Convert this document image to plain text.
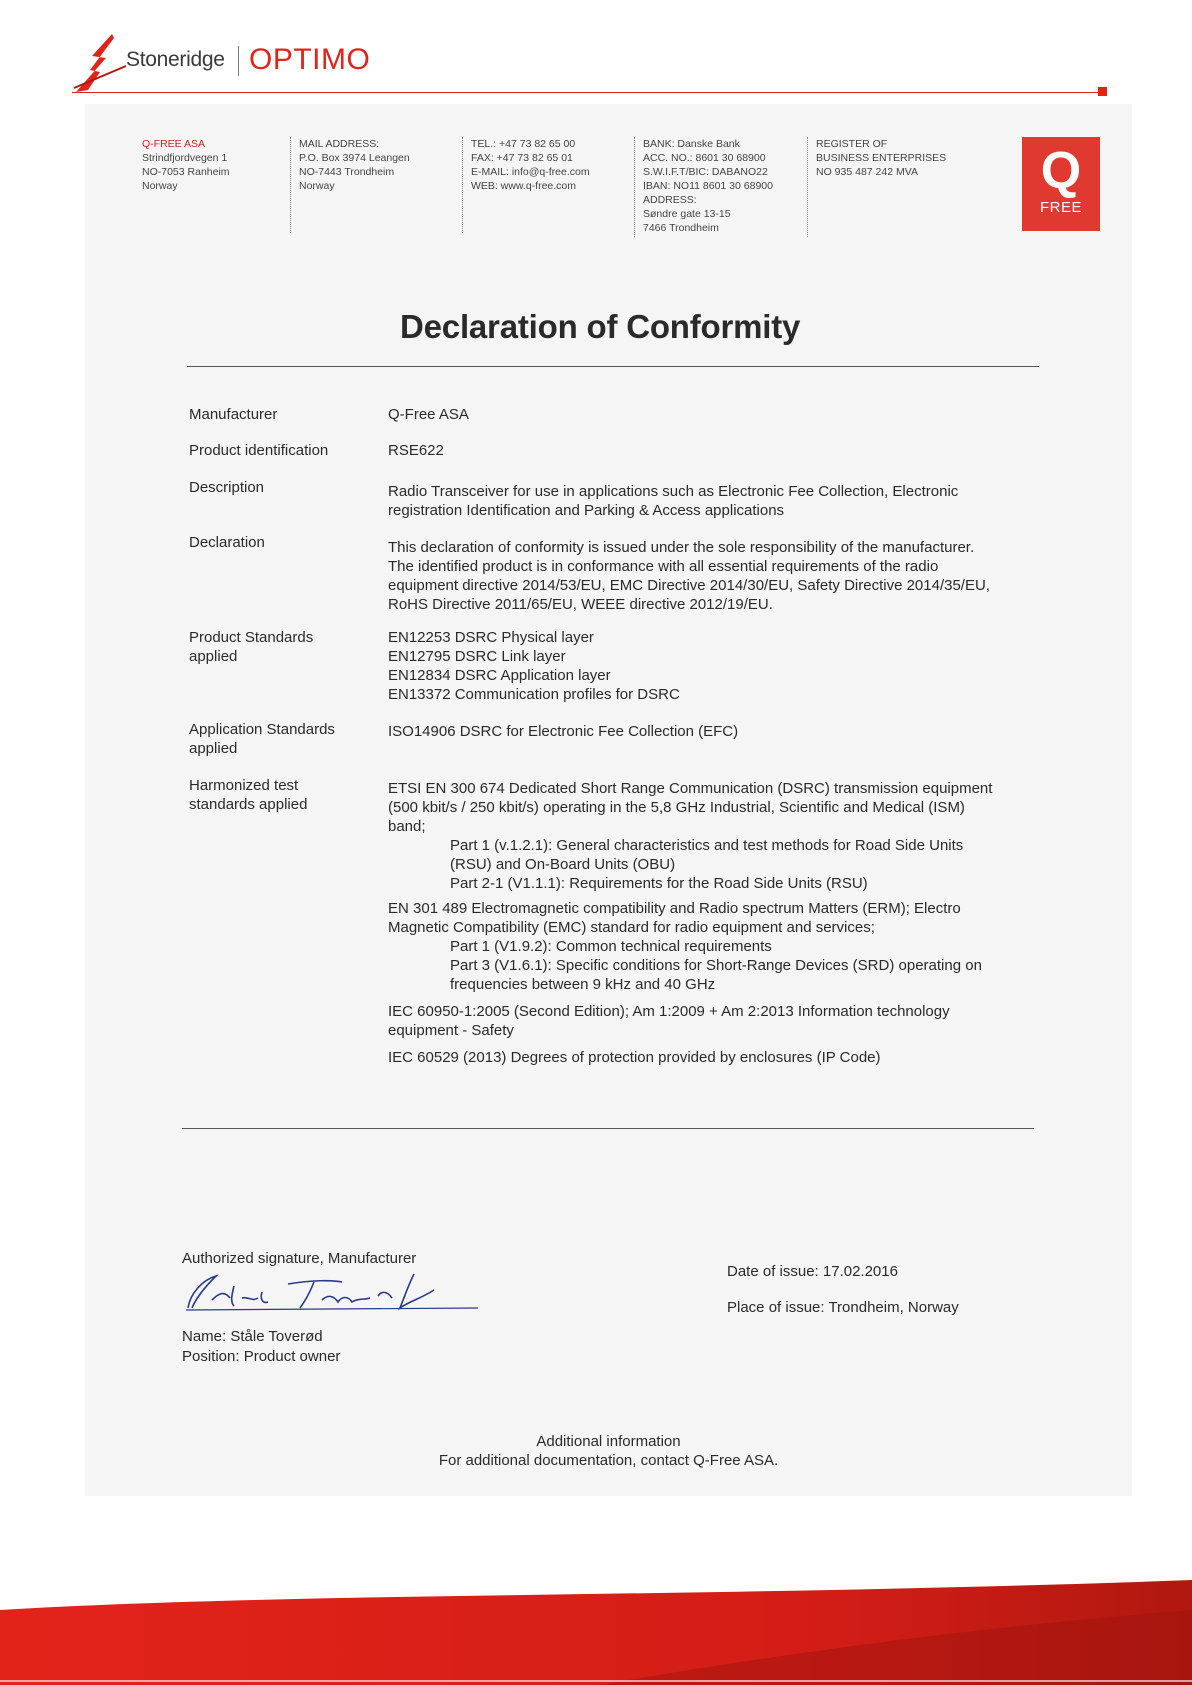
Stoneridge OPTIMO
Q-FREE ASA
Strindfjordvegen 1
NO-7053 Ranheim
Norway
MAIL ADDRESS:
P.O. Box 3974 Leangen
NO-7443 Trondheim
Norway
TEL.: +47 73 82 65 00
FAX: +47 73 82 65 01
E-MAIL: info@q-free.com
WEB: www.q-free.com
BANK: Danske Bank
ACC. NO.: 8601 30 68900
S.W.I.F.T/BIC: DABANO22
IBAN: NO11 8601 30 68900
ADDRESS:
Søndre gate 13-15
7466 Trondheim
REGISTER OF
BUSINESS ENTERPRISES
NO 935 487 242 MVA	Q
FREE
Declaration of Conformity
Manufacturer	Q-Free ASA
Product identification	RSE622
Description	Radio Transceiver for use in applications such as Electronic Fee Collection, Electronic
registration Identification and Parking & Access applications
Declaration	This declaration of conformity is issued under the sole responsibility of the manufacturer.
The identified product is in conformance with all essential requirements of the radio
equipment directive 2014/53/EU, EMC Directive 2014/30/EU, Safety Directive 2014/35/EU,
RoHS Directive 2011/65/EU, WEEE directive 2012/19/EU.
Product Standards
applied
EN12253 DSRC Physical layer
EN12795 DSRC Link layer
EN12834 DSRC Application layer
EN13372 Communication profiles for DSRC
Application Standards
applied
ISO14906 DSRC for Electronic Fee Collection (EFC)
Harmonized test
standards applied
ETSI EN 300 674 Dedicated Short Range Communication (DSRC) transmission equipment
(500 kbit/s / 250 kbit/s) operating in the 5,8 GHz Industrial, Scientific and Medical (ISM)
band;
Part 1 (v.1.2.1): General characteristics and test methods for Road Side Units
(RSU) and On-Board Units (OBU)
Part 2-1 (V1.1.1): Requirements for the Road Side Units (RSU)
EN 301 489 Electromagnetic compatibility and Radio spectrum Matters (ERM); Electro
Magnetic Compatibility (EMC) standard for radio equipment and services;
Part 1 (V1.9.2): Common technical requirements
Part 3 (V1.6.1): Specific conditions for Short-Range Devices (SRD) operating on
frequencies between 9 kHz and 40 GHz
IEC 60950-1:2005 (Second Edition); Am 1:2009 + Am 2:2013 Information technology
equipment - Safety
IEC 60529 (2013) Degrees of protection provided by enclosures (IP Code)
Authorized signature, Manufacturer
Ståle Toverød
Name: Ståle Toverød
Position: Product owner
Date of issue: 17.02.2016
Place of issue: Trondheim, Norway
Additional information
For additional documentation, contact Q-Free ASA.
